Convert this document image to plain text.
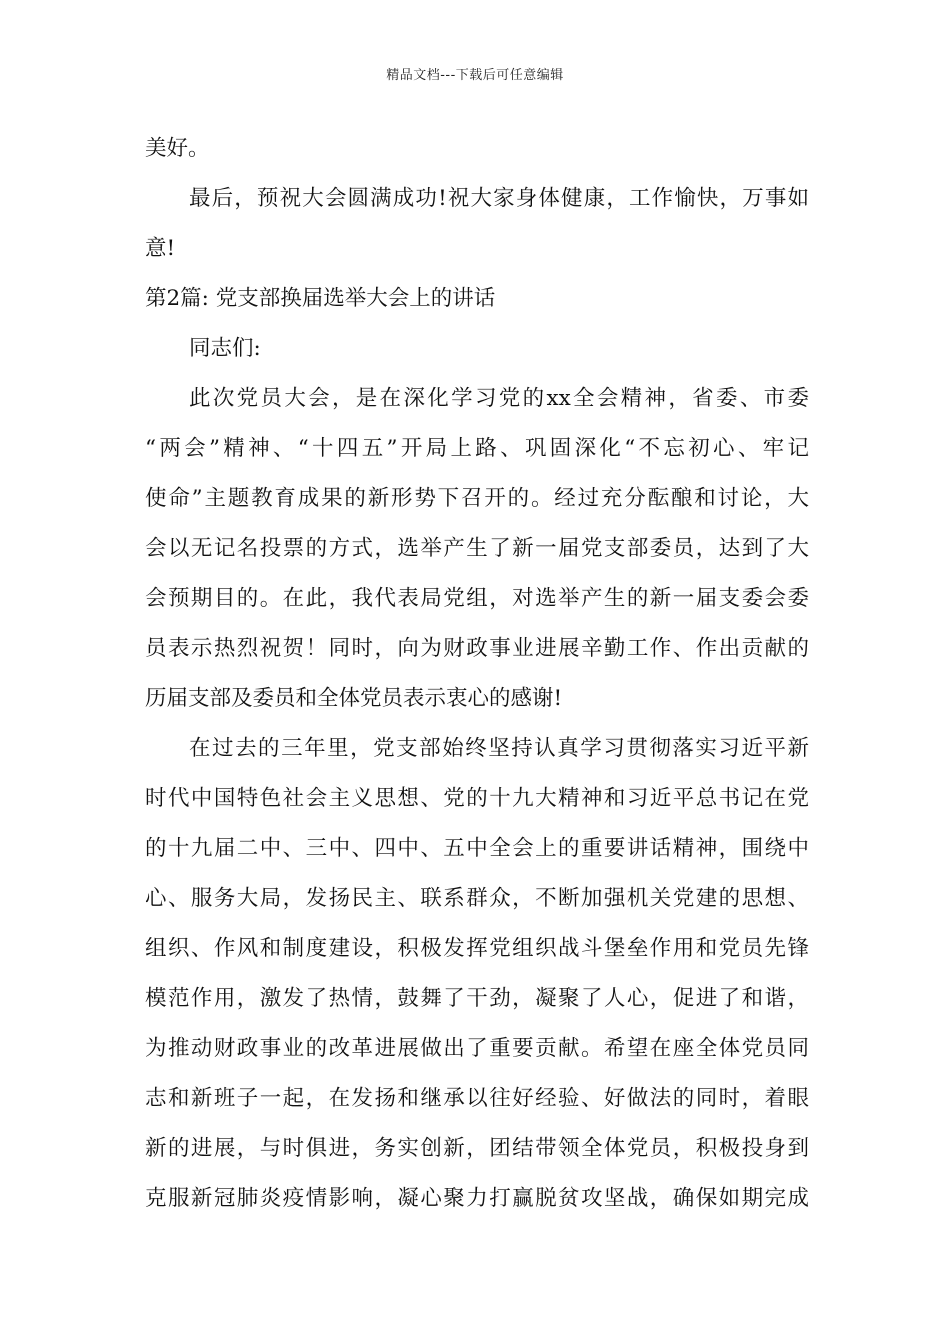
精品文档---下载后可任意编辑
美好。
最后，预祝大会圆满成功!祝大家身体健康，工作愉快，万事如
意!
第2篇: 党支部换届选举大会上的讲话
同志们:
此次党员大会，是在深化学习党的xx全会精神，省委、市委
“两会”精神、“十四五”开局上路、巩固深化“不忘初心、牢记
使命”主题教育成果的新形势下召开的。经过充分酝酿和讨论，大
会以无记名投票的方式，选举产生了新一届党支部委员，达到了大
会预期目的。在此，我代表局党组，对选举产生的新一届支委会委
员表示热烈祝贺！同时，向为财政事业进展辛勤工作、作出贡献的
历届支部及委员和全体党员表示衷心的感谢!
在过去的三年里，党支部始终坚持认真学习贯彻落实习近平新
时代中国特色社会主义思想、党的十九大精神和习近平总书记在党
的十九届二中、三中、四中、五中全会上的重要讲话精神，围绕中
心、服务大局，发扬民主、联系群众，不断加强机关党建的思想、
组织、作风和制度建设，积极发挥党组织战斗堡垒作用和党员先锋
模范作用，激发了热情，鼓舞了干劲，凝聚了人心，促进了和谐，
为推动财政事业的改革进展做出了重要贡献。希望在座全体党员同
志和新班子一起，在发扬和继承以往好经验、好做法的同时，着眼
新的进展，与时俱进，务实创新，团结带领全体党员，积极投身到
克服新冠肺炎疫情影响，凝心聚力打赢脱贫攻坚战，确保如期完成
